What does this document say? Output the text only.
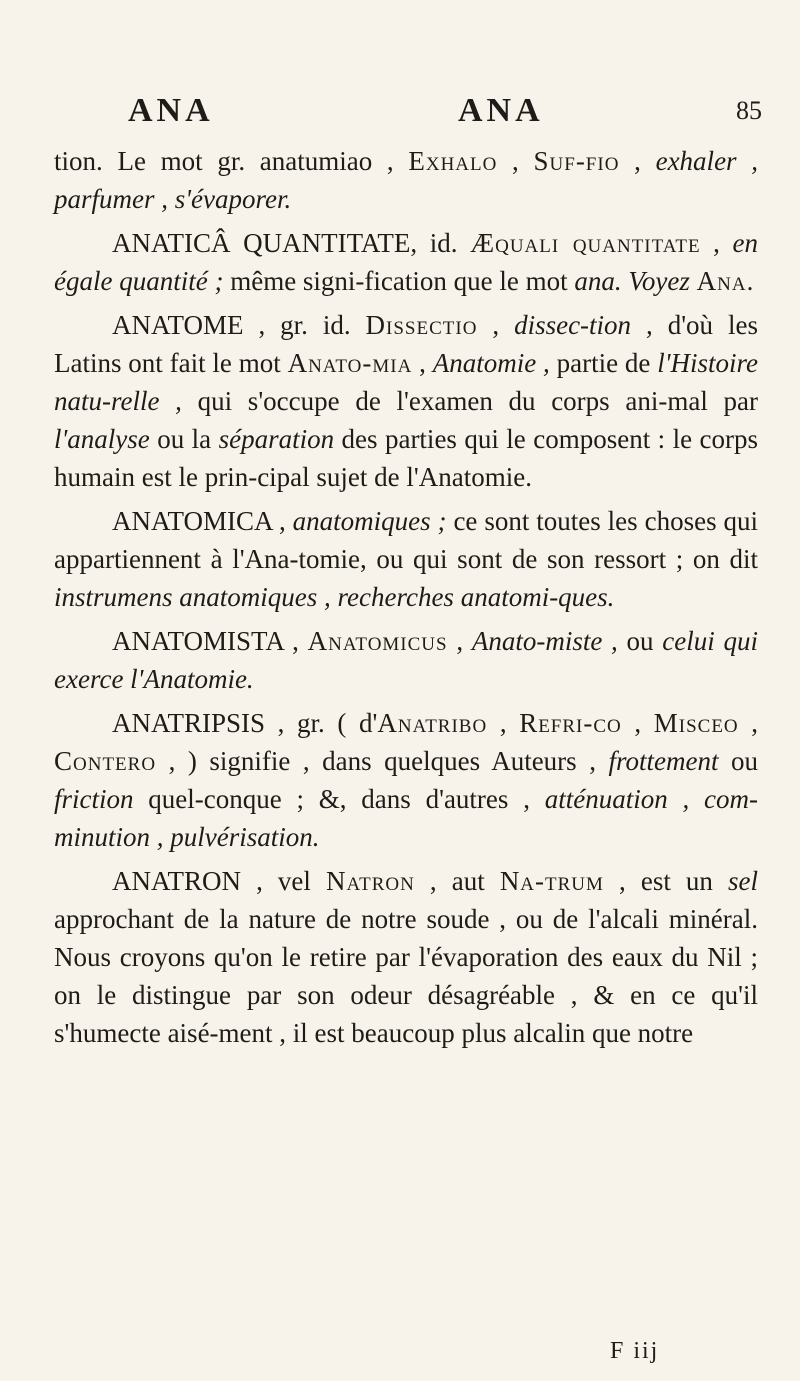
ANA	ANA	85

tion. Le mot gr. anatumiao , Exhalo , Suf-fio , exhaler , parfumer , s'évaporer.

ANATICÂ QUANTITATE, id. Æquali quantitate , en égale quantité ; même signi-fication que le mot ana. Voyez Ana.

ANATOME , gr. id. Dissectio , dissec-tion , d'où les Latins ont fait le mot Anato-mia , Anatomie , partie de l'Histoire natu-relle , qui s'occupe de l'examen du corps ani-mal par l'analyse ou la séparation des parties qui le composent : le corps humain est le prin-cipal sujet de l'Anatomie.

ANATOMICA , anatomiques ; ce sont toutes les choses qui appartiennent à l'Ana-tomie, ou qui sont de son ressort ; on dit instrumens anatomiques , recherches anatomi-ques.

ANATOMISTA , Anatomicus , Anato-miste , ou celui qui exerce l'Anatomie.

ANATRIPSIS , gr. ( d'Anatribo , Refri-co , Misceo , Contero , ) signifie , dans quelques Auteurs , frottement ou friction quel-conque ; &, dans d'autres , atténuation , com-minution , pulvérisation.

ANATRON , vel Natron , aut Na-trum , est un sel approchant de la nature de notre soude , ou de l'alcali minéral. Nous croyons qu'on le retire par l'évaporation des eaux du Nil ; on le distingue par son odeur désagréable , & en ce qu'il s'humecte aisé-ment , il est beaucoup plus alcalin que notre

F iij
